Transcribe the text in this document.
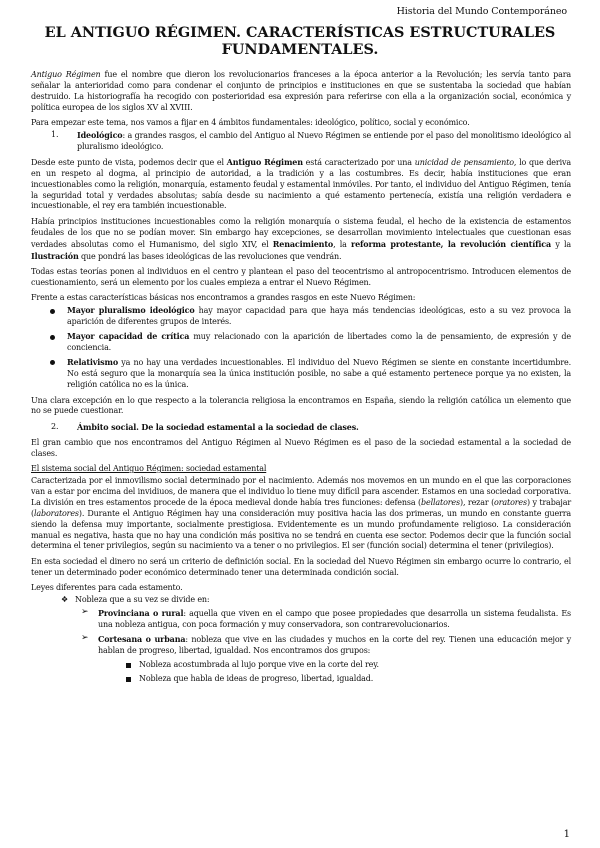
Historia del Mundo Contemporáneo
EL ANTIGUO RÉGIMEN. CARACTERÍSTICAS ESTRUCTURALES FUNDAMENTALES.

Antiguo Régimen fue el nombre que dieron los revolucionarios franceses a la época anterior a la Revolución; les servía tanto para señalar la anterioridad como para condenar el conjunto de principios e instituciones en que se sustentaba la sociedad que habían destruido. La historiografía ha recogido con posterioridad esa expresión para referirse con ella a la organización social, económica y política europea de los siglos XV al XVIII.

Para empezar este tema, nos vamos a fijar en 4 ámbitos fundamentales: ideológico, político, social y económico.

1. Ideológico: a grandes rasgos, el cambio del Antiguo al Nuevo Régimen se entiende por el paso del monolitismo ideológico al pluralismo ideológico.

Desde este punto de vista, podemos decir que el Antiguo Régimen está caracterizado por una unicidad de pensamiento, lo que deriva en un respeto al dogma, al principio de autoridad, a la tradición y a las costumbres. Es decir, había instituciones que eran incuestionables como la religión, monarquía, estamento feudal y estamental inmóviles. Por tanto, el individuo del Antiguo Régimen, tenía la seguridad total y verdades absolutas; sabía desde su nacimiento a qué estamento pertenecía, existía una religión verdadera e incuestionable, el rey era también incuestionable.

Había principios instituciones incuestionables como la religión monarquía o sistema feudal, el hecho de la existencia de estamentos feudales de los que no se podían mover. Sin embargo hay excepciones, se desarrollan movimiento intelectuales que cuestionan esas verdades absolutas como el Humanismo, del siglo XIV, el Renacimiento, la reforma protestante, la revolución científica y la Ilustración que pondrá las bases ideológicas de las revoluciones que vendrán.

Todas estas teorías ponen al individuos en el centro y plantean el paso del teocentrismo al antropocentrismo. Introducen elementos de cuestionamiento, será un elemento por los cuales empieza a entrar el Nuevo Régimen.

Frente a estas características básicas nos encontramos a grandes rasgos en este Nuevo Régimen:

Mayor pluralismo ideológico hay mayor capacidad para que haya más tendencias ideológicas, esto a su vez provoca la aparición de diferentes grupos de interés.
Mayor capacidad de crítica muy relacionado con la aparición de libertades como la de pensamiento, de expresión y de conciencia.
Relativismo ya no hay una verdades incuestionables. El individuo del Nuevo Régimen se siente en constante incertidumbre. No está seguro que la monarquía sea la única institución posible, no sabe a qué estamento pertenece porque ya no existen, la religión católica no es la única.

Una clara excepción en lo que respecto a la tolerancia religiosa la encontramos en España, siendo la religión católica un elemento que no se puede cuestionar.

2. Ámbito social. De la sociedad estamental a la sociedad de clases.

El gran cambio que nos encontramos del Antiguo Régimen al Nuevo Régimen es el paso de la sociedad estamental a la sociedad de clases.

El sistema social del Antiguo Régimen: sociedad estamental

Caracterizada por el inmovilismo social determinado por el nacimiento. Además nos movemos en un mundo en el que las corporaciones van a estar por encima del invidiuos, de manera que el individuo lo tiene muy difícil para ascender. Estamos en una sociedad corporativa. La división en tres estamentos procede de la época medieval donde había tres funciones: defensa (bellatores), rezar (oratores) y trabajar (laboratores). Durante el Antiguo Régimen hay una consideración muy positiva hacia las dos primeras, un mundo en constante guerra siendo la defensa muy importante, socialmente prestigiosa. Evidentemente es un mundo profundamente religioso. La consideración manual es negativa, hasta que no hay una condición más positiva no se tendrá en cuenta ese sector. Podemos decir que la función social determina el tener privilegios, según su nacimiento va a tener o no privilegios. El ser (función social) determina el tener (privilegios).

En esta sociedad el dinero no será un criterio de definición social. En la sociedad del Nuevo Régimen sin embargo ocurre lo contrario, el tener un determinado poder económico determinado tener una determinada condición social.

Leyes diferentes para cada estamento.

❖ Nobleza que a su vez se divide en:
➢ Provinciana o rural: aquella que viven en el campo que posee propiedades que desarrolla un sistema feudalista. Es una nobleza antigua, con poca formación y muy conservadora, son contrarevolucionarios.
➢ Cortesana o urbana: nobleza que vive en las ciudades y muchos en la corte del rey. Tienen una educación mejor y hablan de progreso, libertad, igualdad. Nos encontramos dos grupos:
Nobleza acostumbrada al lujo porque vive en la corte del rey.
Nobleza que habla de ideas de progreso, libertad, igualdad.
1
